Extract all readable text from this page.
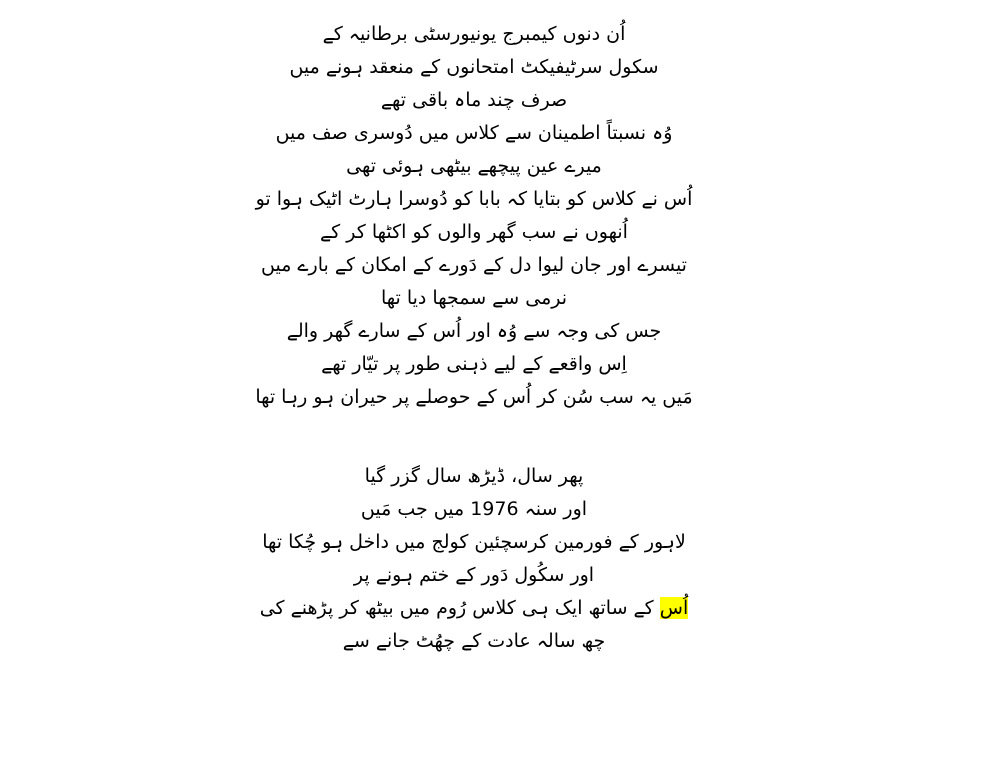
اُن دنوں کیمبرج یونیورسٹی برطانیہ کے
سکول سرٹیفیکٹ امتحانوں کے منعقد ہونے میں
صرف چند ماہ باقی تھے
وُہ نسبتاً اطمینان سے کلاس میں دُوسری صف میں
میرے عین پیچھے بیٹھی ہوئی تھی
اُس نے کلاس کو بتایا کہ بابا کو دُوسرا ہارٹ اٹیک ہوا تو
اُنھوں نے سب گھر والوں کو اکٹھا کر کے
تیسرے اور جان لیوا دل کے دَورے کے امکان کے بارے میں
نرمی سے سمجھا دیا تھا
جس کی وجہ سے وُہ اور اُس کے سارے گھر والے
اِس واقعے کے لیے ذہنی طور پر تیّار تھے
مَیں یہ سب سُن کر اُس کے حوصلے پر حیران ہو رہا تھا
پھر سال، ڈیڑھ سال گزر گیا
اور سنہ 1976 میں جب مَیں
لاہور کے فورمین کرسچئین کولج میں داخل ہو چُکا تھا
اور سکُول دَور کے ختم ہونے پر
اُس کے ساتھ ایک ہی کلاس رُوم میں بیٹھ کر پڑھنے کی
چھ سالہ عادت کے چھُٹ جانے سے
